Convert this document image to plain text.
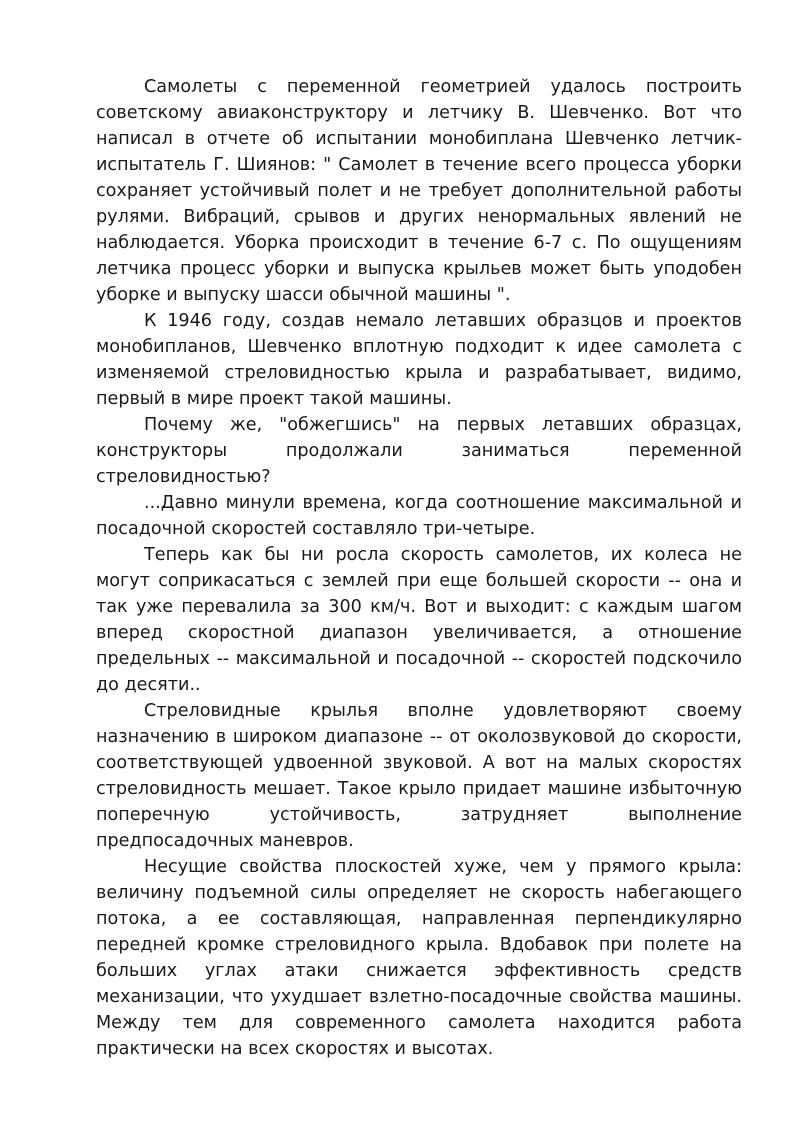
Самолеты с переменной геометрией удалось построить советскому авиаконструктору и летчику В. Шевченко. Вот что написал в отчете об испытании монобиплана Шевченко летчик-испытатель Г. Шиянов: " Самолет в течение всего процесса уборки сохраняет устойчивый полет и не требует дополнительной работы рулями. Вибраций, срывов и других ненормальных явлений не наблюдается. Уборка происходит в течение 6-7 с. По ощущениям летчика процесс уборки и выпуска крыльев может быть уподобен уборке и выпуску шасси обычной машины ".

К 1946 году, создав немало летавших образцов и проектов монобипланов, Шевченко вплотную подходит к идее самолета с изменяемой стреловидностью крыла и разрабатывает, видимо, первый в мире проект такой машины.

Почему же, "обжегшись" на первых летавших образцах, конструкторы продолжали заниматься переменной стреловидностью?

...Давно минули времена, когда соотношение максимальной и посадочной скоростей составляло три-четыре.

Теперь как бы ни росла скорость самолетов, их колеса не могут соприкасаться с землей при еще большей скорости -- она и так уже перевалила за 300 км/ч. Вот и выходит: с каждым шагом вперед скоростной диапазон увеличивается, а отношение предельных -- максимальной и посадочной -- скоростей подскочило до десяти..

Стреловидные крылья вполне удовлетворяют своему назначению в широком диапазоне -- от околозвуковой до скорости, соответствующей удвоенной звуковой. А вот на малых скоростях стреловидность мешает. Такое крыло придает машине избыточную поперечную устойчивость, затрудняет выполнение предпосадочных маневров.

Несущие свойства плоскостей хуже, чем у прямого крыла: величину подъемной силы определяет не скорость набегающего потока, а ее составляющая, направленная перпендикулярно передней кромке стреловидного крыла. Вдобавок при полете на больших углах атаки снижается эффективность средств механизации, что ухудшает взлетно-посадочные свойства машины. Между тем для современного самолета находится работа практически на всех скоростях и высотах.
